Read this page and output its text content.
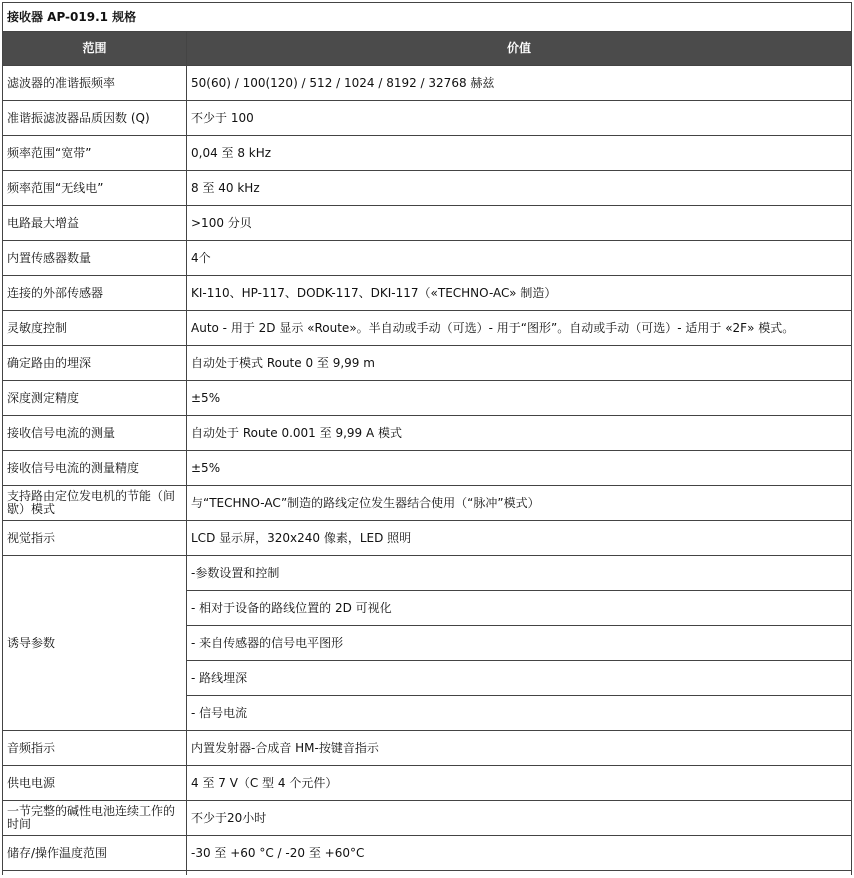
接收器 AP-019.1 规格	
范围	价值
滤波器的准谐振频率	50(60) / 100(120) / 512 / 1024 / 8192 / 32768 赫兹
准谐振滤波器品质因数 (Q)	不少于 100
频率范围“宽带”	0,04 至 8 kHz
频率范围“无线电”	8 至 40 kHz
电路最大增益	>100 分贝
内置传感器数量	4个
连接的外部传感器	KI-110、HP-117、DODK-117、DKI-117（«TECHNO-AC» 制造）
灵敏度控制	Auto - 用于 2D 显示 «Route»。半自动或手动（可选）- 用于“图形”。自动或手动（可选）- 适用于 «2F» 模式。
确定路由的埋深	自动处于模式 Route 0 至 9,99 m
深度测定精度	±5%
接收信号电流的测量	自动处于 Route 0.001 至 9,99 A 模式
接收信号电流的测量精度	±5%
支持路由定位发电机的节能（间歇）模式	与“TECHNO-AC”制造的路线定位发生器结合使用（“脉冲”模式）
视觉指示	LCD 显示屏，320x240 像素，LED 照明
诱导参数	-参数设置和控制
	- 相对于设备的路线位置的 2D 可视化
	- 来自传感器的信号电平图形
	- 路线埋深
	- 信号电流
音频指示	内置发射器-合成音 HM-按键音指示
供电电源	4 至 7 V（C 型 4 个元件）
一节完整的碱性电池连续工作的时间	不少于20小时
储存/操作温度范围	-30 至 +60 °C / -20 至 +60°C
